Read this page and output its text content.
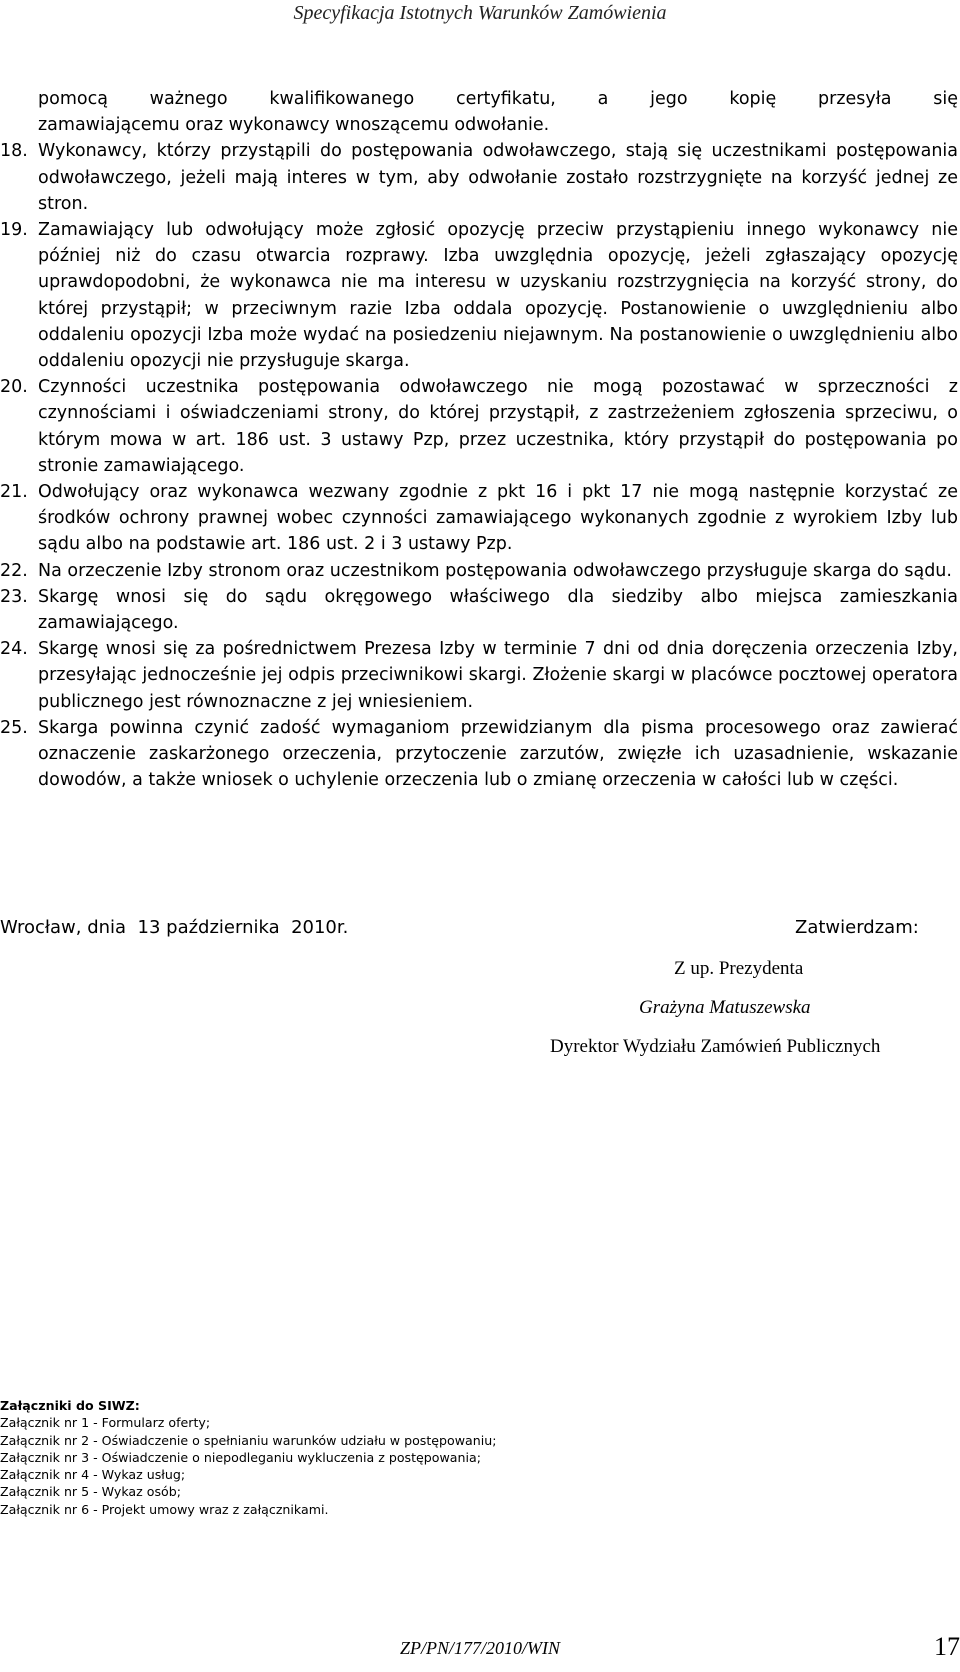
Specyfikacja Istotnych Warunków Zamówienia
pomocą ważnego kwalifikowanego certyfikatu, a jego kopię przesyła się
zamawiającemu oraz wykonawcy wnoszącemu odwołanie.
18. Wykonawcy, którzy przystąpili do postępowania odwoławczego, stają się uczestnikami postępowania odwoławczego, jeżeli mają interes w tym, aby odwołanie zostało rozstrzygnięte na korzyść jednej ze stron.
19. Zamawiający lub odwołujący może zgłosić opozycję przeciw przystąpieniu innego wykonawcy nie później niż do czasu otwarcia rozprawy. Izba uwzględnia opozycję, jeżeli zgłaszający opozycję uprawdopodobni, że wykonawca nie ma interesu w uzyskaniu rozstrzygnięcia na korzyść strony, do której przystąpił; w przeciwnym razie Izba oddala opozycję. Postanowienie o uwzględnieniu albo oddaleniu opozycji Izba może wydać na posiedzeniu niejawnym. Na postanowienie o uwzględnieniu albo oddaleniu opozycji nie przysługuje skarga.
20. Czynności uczestnika postępowania odwoławczego nie mogą pozostawać w sprzeczności z czynnościami i oświadczeniami strony, do której przystąpił, z zastrzeżeniem zgłoszenia sprzeciwu, o którym mowa w art. 186 ust. 3 ustawy Pzp, przez uczestnika, który przystąpił do postępowania po stronie zamawiającego.
21. Odwołujący oraz wykonawca wezwany zgodnie z pkt 16 i pkt 17 nie mogą następnie korzystać ze środków ochrony prawnej wobec czynności zamawiającego wykonanych zgodnie z wyrokiem Izby lub sądu albo na podstawie art. 186 ust. 2 i 3 ustawy Pzp.
22. Na orzeczenie Izby stronom oraz uczestnikom postępowania odwoławczego przysługuje skarga do sądu.
23. Skargę wnosi się do sądu okręgowego właściwego dla siedziby albo miejsca zamieszkania zamawiającego.
24. Skargę wnosi się za pośrednictwem Prezesa Izby w terminie 7 dni od dnia doręczenia orzeczenia Izby, przesyłając jednocześnie jej odpis przeciwnikowi skargi. Złożenie skargi w placówce pocztowej operatora publicznego jest równoznaczne z jej wniesieniem.
25. Skarga powinna czynić zadość wymaganiom przewidzianym dla pisma procesowego oraz zawierać oznaczenie zaskarżonego orzeczenia, przytoczenie zarzutów, zwięzłe ich uzasadnienie, wskazanie dowodów, a także wniosek o uchylenie orzeczenia lub o zmianę orzeczenia w całości lub w części.
Wrocław, dnia  13 października  2010r.	Zatwierdzam:
Z up. Prezydenta
Grażyna Matuszewska
Dyrektor Wydziału Zamówień Publicznych
Załączniki do SIWZ:
Załącznik nr 1 - Formularz oferty;
Załącznik nr 2 - Oświadczenie o spełnianiu warunków udziału w postępowaniu;
Załącznik nr 3 - Oświadczenie o niepodleganiu wykluczenia z postępowania;
Załącznik nr 4 - Wykaz usług;
Załącznik nr 5 - Wykaz osób;
Załącznik nr 6 - Projekt umowy wraz z załącznikami.
ZP/PN/177/2010/WIN	17
